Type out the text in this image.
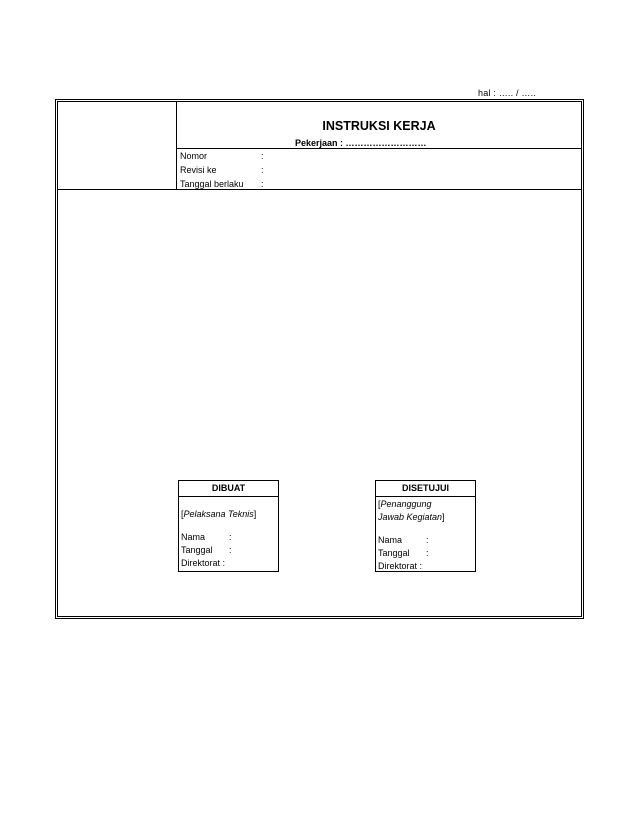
hal : ….. / …..
INSTRUKSI KERJA
Pekerjaan : ………………………
Nomor	:
Revisi ke	:
Tanggal berlaku :
DIBUAT
[Pelaksana Teknis]
Nama	:
Tanggal :
Direktorat :
DISETUJUI
[Penanggung
Jawab Kegiatan]
Nama	:
Tanggal :
Direktorat :
